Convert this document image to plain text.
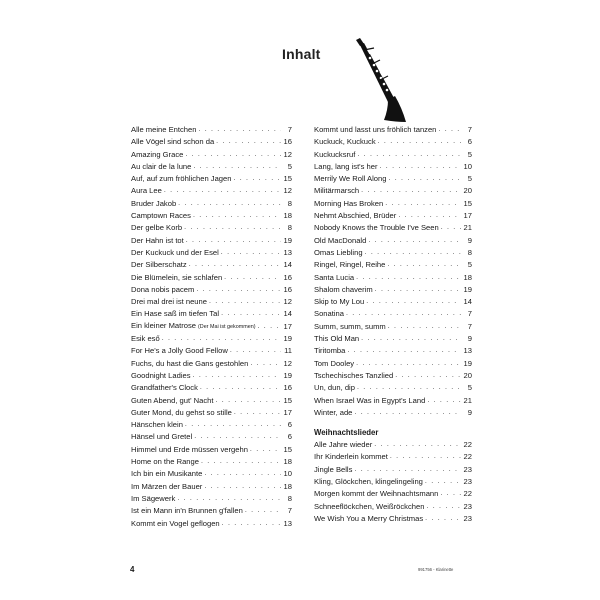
Inhalt
Alle meine Entchen . . .	7
Alle Vögel sind schon da . . .	16
Amazing Grace . . .	12
Au clair de la lune . . .	5
Auf, auf zum fröhlichen Jagen . . .	15
Aura Lee . . .	12
Bruder Jakob . . .	8
Camptown Races . . .	18
Der gelbe Korb . . .	8
Der Hahn ist tot . . .	19
Der Kuckuck und der Esel . . .	13
Der Silberschatz . . .	14
Die Blümelein, sie schlafen . . .	16
Dona nobis pacem . . .	16
Drei mal drei ist neune . . .	12
Ein Hase saß im tiefen Tal . . .	14
Ein kleiner Matrose (Der Mai ist gekommen) . . .	17
Esik eső . . .	19
For He's a Jolly Good Fellow . . .	11
Fuchs, du hast die Gans gestohlen . . .	12
Goodnight Ladies . . .	19
Grandfather's Clock . . .	16
Guten Abend, gut' Nacht . . .	15
Guter Mond, du gehst so stille . . .	17
Hänschen klein . . .	6
Hänsel und Gretel . . .	6
Himmel und Erde müssen vergehn . . .	15
Home on the Range . . .	18
Ich bin ein Musikante . . .	10
Im Märzen der Bauer . . .	18
Im Sägewerk . . .	8
Ist ein Mann in'n Brunnen g'fallen . . .	7
Kommt ein Vogel geflogen . . .	13
Kommt und lasst uns fröhlich tanzen . . .	7
Kuckuck, Kuckuck . . .	6
Kuckucksruf . . .	5
Lang, lang ist's her . . .	10
Merrily We Roll Along . . .	5
Militärmarsch . . .	20
Morning Has Broken . . .	15
Nehmt Abschied, Brüder . . .	17
Nobody Knows the Trouble I've Seen . . .	21
Old MacDonald . . .	9
Omas Liebling . . .	8
Ringel, Ringel, Reihe . . .	5
Santa Lucia . . .	18
Shalom chaverim . . .	19
Skip to My Lou . . .	14
Sonatina . . .	7
Summ, summ, summ . . .	7
This Old Man . . .	9
Tiritomba . . .	13
Tom Dooley . . .	19
Tschechisches Tanzlied . . .	20
Un, dun, dip . . .	5
When Israel Was in Egypt's Land . . .	21
Winter, ade . . .	9
Weihnachtslieder
Alle Jahre wieder . . .	22
Ihr Kinderlein kommet . . .	22
Jingle Bells . . .	23
Kling, Glöckchen, klingelingeling . . .	23
Morgen kommt der Weihnachtsmann . . .	22
Schneeflöckchen, Weißröckchen . . .	23
We Wish You a Merry Christmas . . .	23
4	991756 - Klarinette
